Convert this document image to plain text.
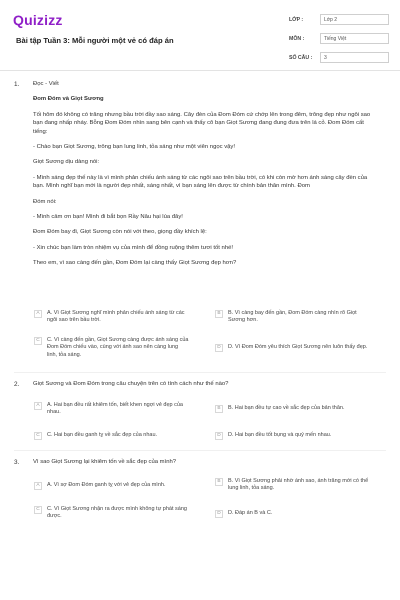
Quizizz
Bài tập Tuần 3: Mỗi người một vẻ có đáp án
LỚP :	Lớp 2
MÔN :	Tiếng Việt
SỐ CÂU :	3
1. Đọc - Viết
Đom Đóm và Giọt Sương
Tối hôm đó không có trăng nhưng bầu trời đầy sao sáng. Cây đèn của Đom Đóm cứ chớp lên trong đêm, trông đẹp như ngôi sao bạn đang nhấp nháy. Bỗng Đom Đóm nhìn sang bên cạnh và thấy cô bạn Giọt Sương đang đung đưa trên lá cỏ. Đom Đóm cất tiếng:
- Chào bạn Giọt Sương, trông bạn lung linh, tỏa sáng như một viên ngọc vậy!
Giọt Sương dịu dàng nói:
- Mình sáng đẹp thế này là vì mình phản chiếu ánh sáng từ các ngôi sao trên bầu trời, có khi còn mờ hơn ánh sáng cây đèn của bạn. Mình nghĩ bạn mới là người đẹp nhất, sáng nhất, vì bạn sáng lên được từ chính bản thân mình. Đom
Đóm nói:
- Mình cảm ơn bạn! Mình đi bắt bọn Rầy Nâu hại lúa đây!
Đom Đóm bay đi, Giọt Sương còn nói với theo, giọng đầy khích lệ:
- Xin chúc bạn làm tròn nhiệm vụ của mình để đồng ruộng thêm tươi tốt nhé!
Theo em, vì sao càng đến gần, Đom Đóm lại càng thấy Giọt Sương đẹp hơn?
A	A. Vì Giọt Sương nghĩ mình phản chiếu ánh sáng từ các ngôi sao trên bầu trời.
B	B. Vì càng bay đến gần, Đom Đóm càng nhìn rõ Giọt Sương hơn.
C	C. Vì càng đến gần, Giọt Sương càng được ánh sáng của Đom Đóm chiếu vào, cùng với ánh sao nên càng lung linh, tỏa sáng.
D	D. Vì Đom Đóm yêu thích Giọt Sương nên luôn thấy đẹp.
2. Giọt Sương và Đom Đóm trong câu chuyện trên có tính cách như thế nào?
A	A. Hai bạn đều rất khiêm tốn, biết khen ngợi vẻ đẹp của nhau.
B	B. Hai bạn đều tự cao về sắc đẹp của bản thân.
C	C. Hai bạn đều ganh tỵ về sắc đẹp của nhau.	D	D. Hai bạn đều tốt bụng và quý mến nhau.
3. Vì sao Giọt Sương lại khiêm tốn về sắc đẹp của mình?
A	A. Vì sợ Đom Đóm ganh tỵ với vẻ đẹp của mình.
B	B. Vì Giọt Sương phải nhờ ánh sao, ánh trăng mới có thể lung linh, tỏa sáng.
C	C. Vì Giọt Sương nhận ra được mình không tự phát sáng được.	D	D. Đáp án B và C.
